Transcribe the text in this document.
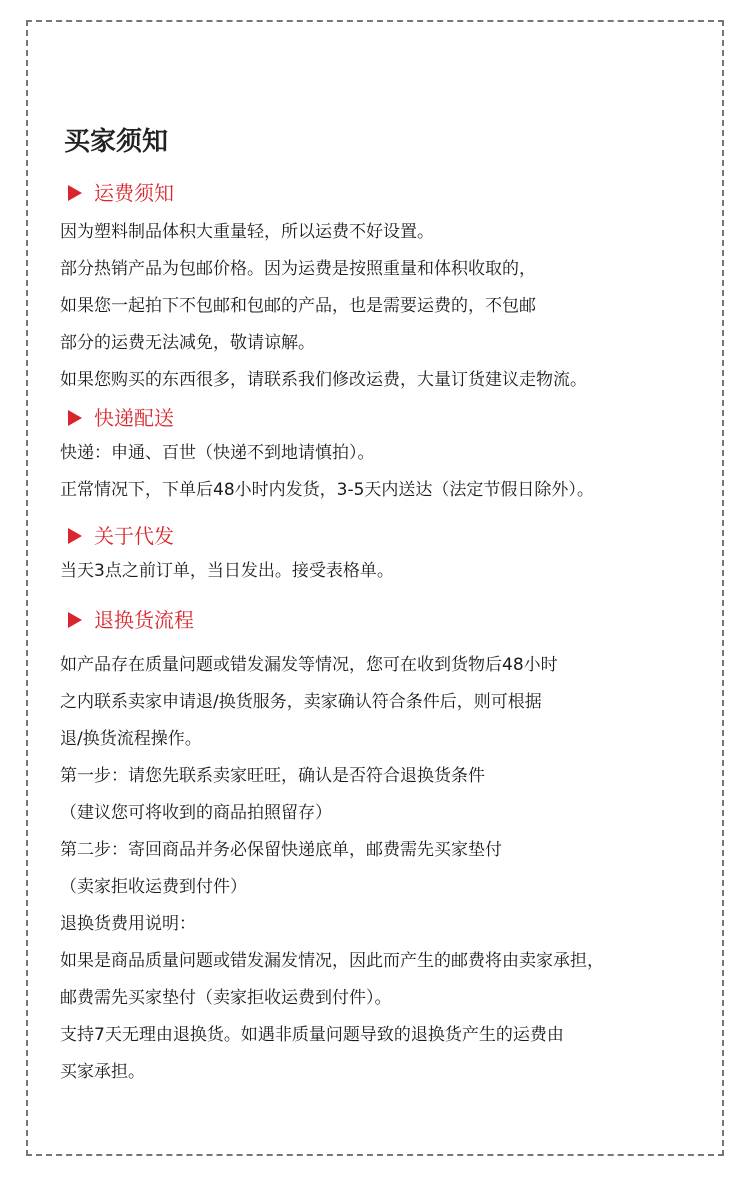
买家须知
运费须知
因为塑料制品体积大重量轻，所以运费不好设置。
部分热销产品为包邮价格。因为运费是按照重量和体积收取的，
如果您一起拍下不包邮和包邮的产品，也是需要运费的，不包邮
部分的运费无法减免，敬请谅解。
如果您购买的东西很多，请联系我们修改运费，大量订货建议走物流。
快递配送
快递：申通、百世（快递不到地请慎拍）。
正常情况下，下单后48小时内发货，3-5天内送达（法定节假日除外）。
关于代发
当天3点之前订单，当日发出。接受表格单。
退换货流程
如产品存在质量问题或错发漏发等情况，您可在收到货物后48小时
之内联系卖家申请退/换货服务，卖家确认符合条件后，则可根据
退/换货流程操作。
第一步：请您先联系卖家旺旺，确认是否符合退换货条件
（建议您可将收到的商品拍照留存）
第二步：寄回商品并务必保留快递底单，邮费需先买家垫付
（卖家拒收运费到付件）
退换货费用说明：
如果是商品质量问题或错发漏发情况，因此而产生的邮费将由卖家承担，
邮费需先买家垫付（卖家拒收运费到付件）。
支持7天无理由退换货。如遇非质量问题导致的退换货产生的运费由
买家承担。
